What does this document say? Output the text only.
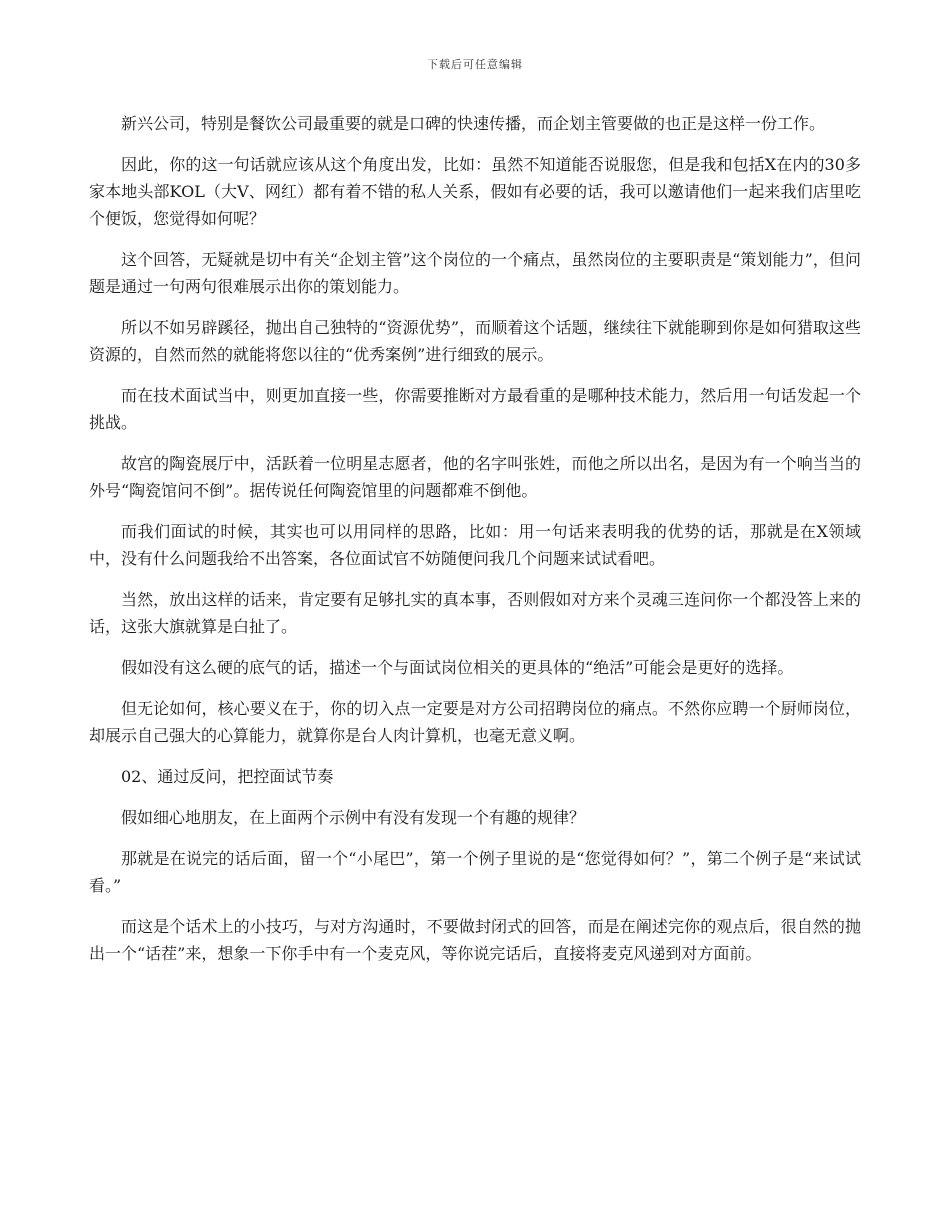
下载后可任意编辑

新兴公司，特别是餐饮公司最重要的就是口碑的快速传播，而企划主管要做的也正是这样一份工作。

因此，你的这一句话就应该从这个角度出发，比如：虽然不知道能否说服您，但是我和包括X在内的30多家本地头部KOL（大V、网红）都有着不错的私人关系，假如有必要的话，我可以邀请他们一起来我们店里吃个便饭，您觉得如何呢？

这个回答，无疑就是切中有关“企划主管”这个岗位的一个痛点，虽然岗位的主要职责是“策划能力”，但问题是通过一句两句很难展示出你的策划能力。

所以不如另辟蹊径，抛出自己独特的“资源优势”，而顺着这个话题，继续往下就能聊到你是如何猎取这些资源的，自然而然的就能将您以往的“优秀案例”进行细致的展示。

而在技术面试当中，则更加直接一些，你需要推断对方最看重的是哪种技术能力，然后用一句话发起一个挑战。

故宫的陶瓷展厅中，活跃着一位明星志愿者，他的名字叫张姓，而他之所以出名，是因为有一个响当当的外号“陶瓷馆问不倒”。据传说任何陶瓷馆里的问题都难不倒他。

而我们面试的时候，其实也可以用同样的思路，比如：用一句话来表明我的优势的话，那就是在X领域中，没有什么问题我给不出答案，各位面试官不妨随便问我几个问题来试试看吧。

当然，放出这样的话来，肯定要有足够扎实的真本事，否则假如对方来个灵魂三连问你一个都没答上来的话，这张大旗就算是白扯了。

假如没有这么硬的底气的话，描述一个与面试岗位相关的更具体的“绝活”可能会是更好的选择。

但无论如何，核心要义在于，你的切入点一定要是对方公司招聘岗位的痛点。不然你应聘一个厨师岗位，却展示自己强大的心算能力，就算你是台人肉计算机，也毫无意义啊。

02、通过反问，把控面试节奏

假如细心地朋友，在上面两个示例中有没有发现一个有趣的规律？

那就是在说完的话后面，留一个“小尾巴”，第一个例子里说的是“您觉得如何？”，第二个例子是“来试试看。”

而这是个话术上的小技巧，与对方沟通时，不要做封闭式的回答，而是在阐述完你的观点后，很自然的抛出一个“话茬”来，想象一下你手中有一个麦克风，等你说完话后，直接将麦克风递到对方面前。
